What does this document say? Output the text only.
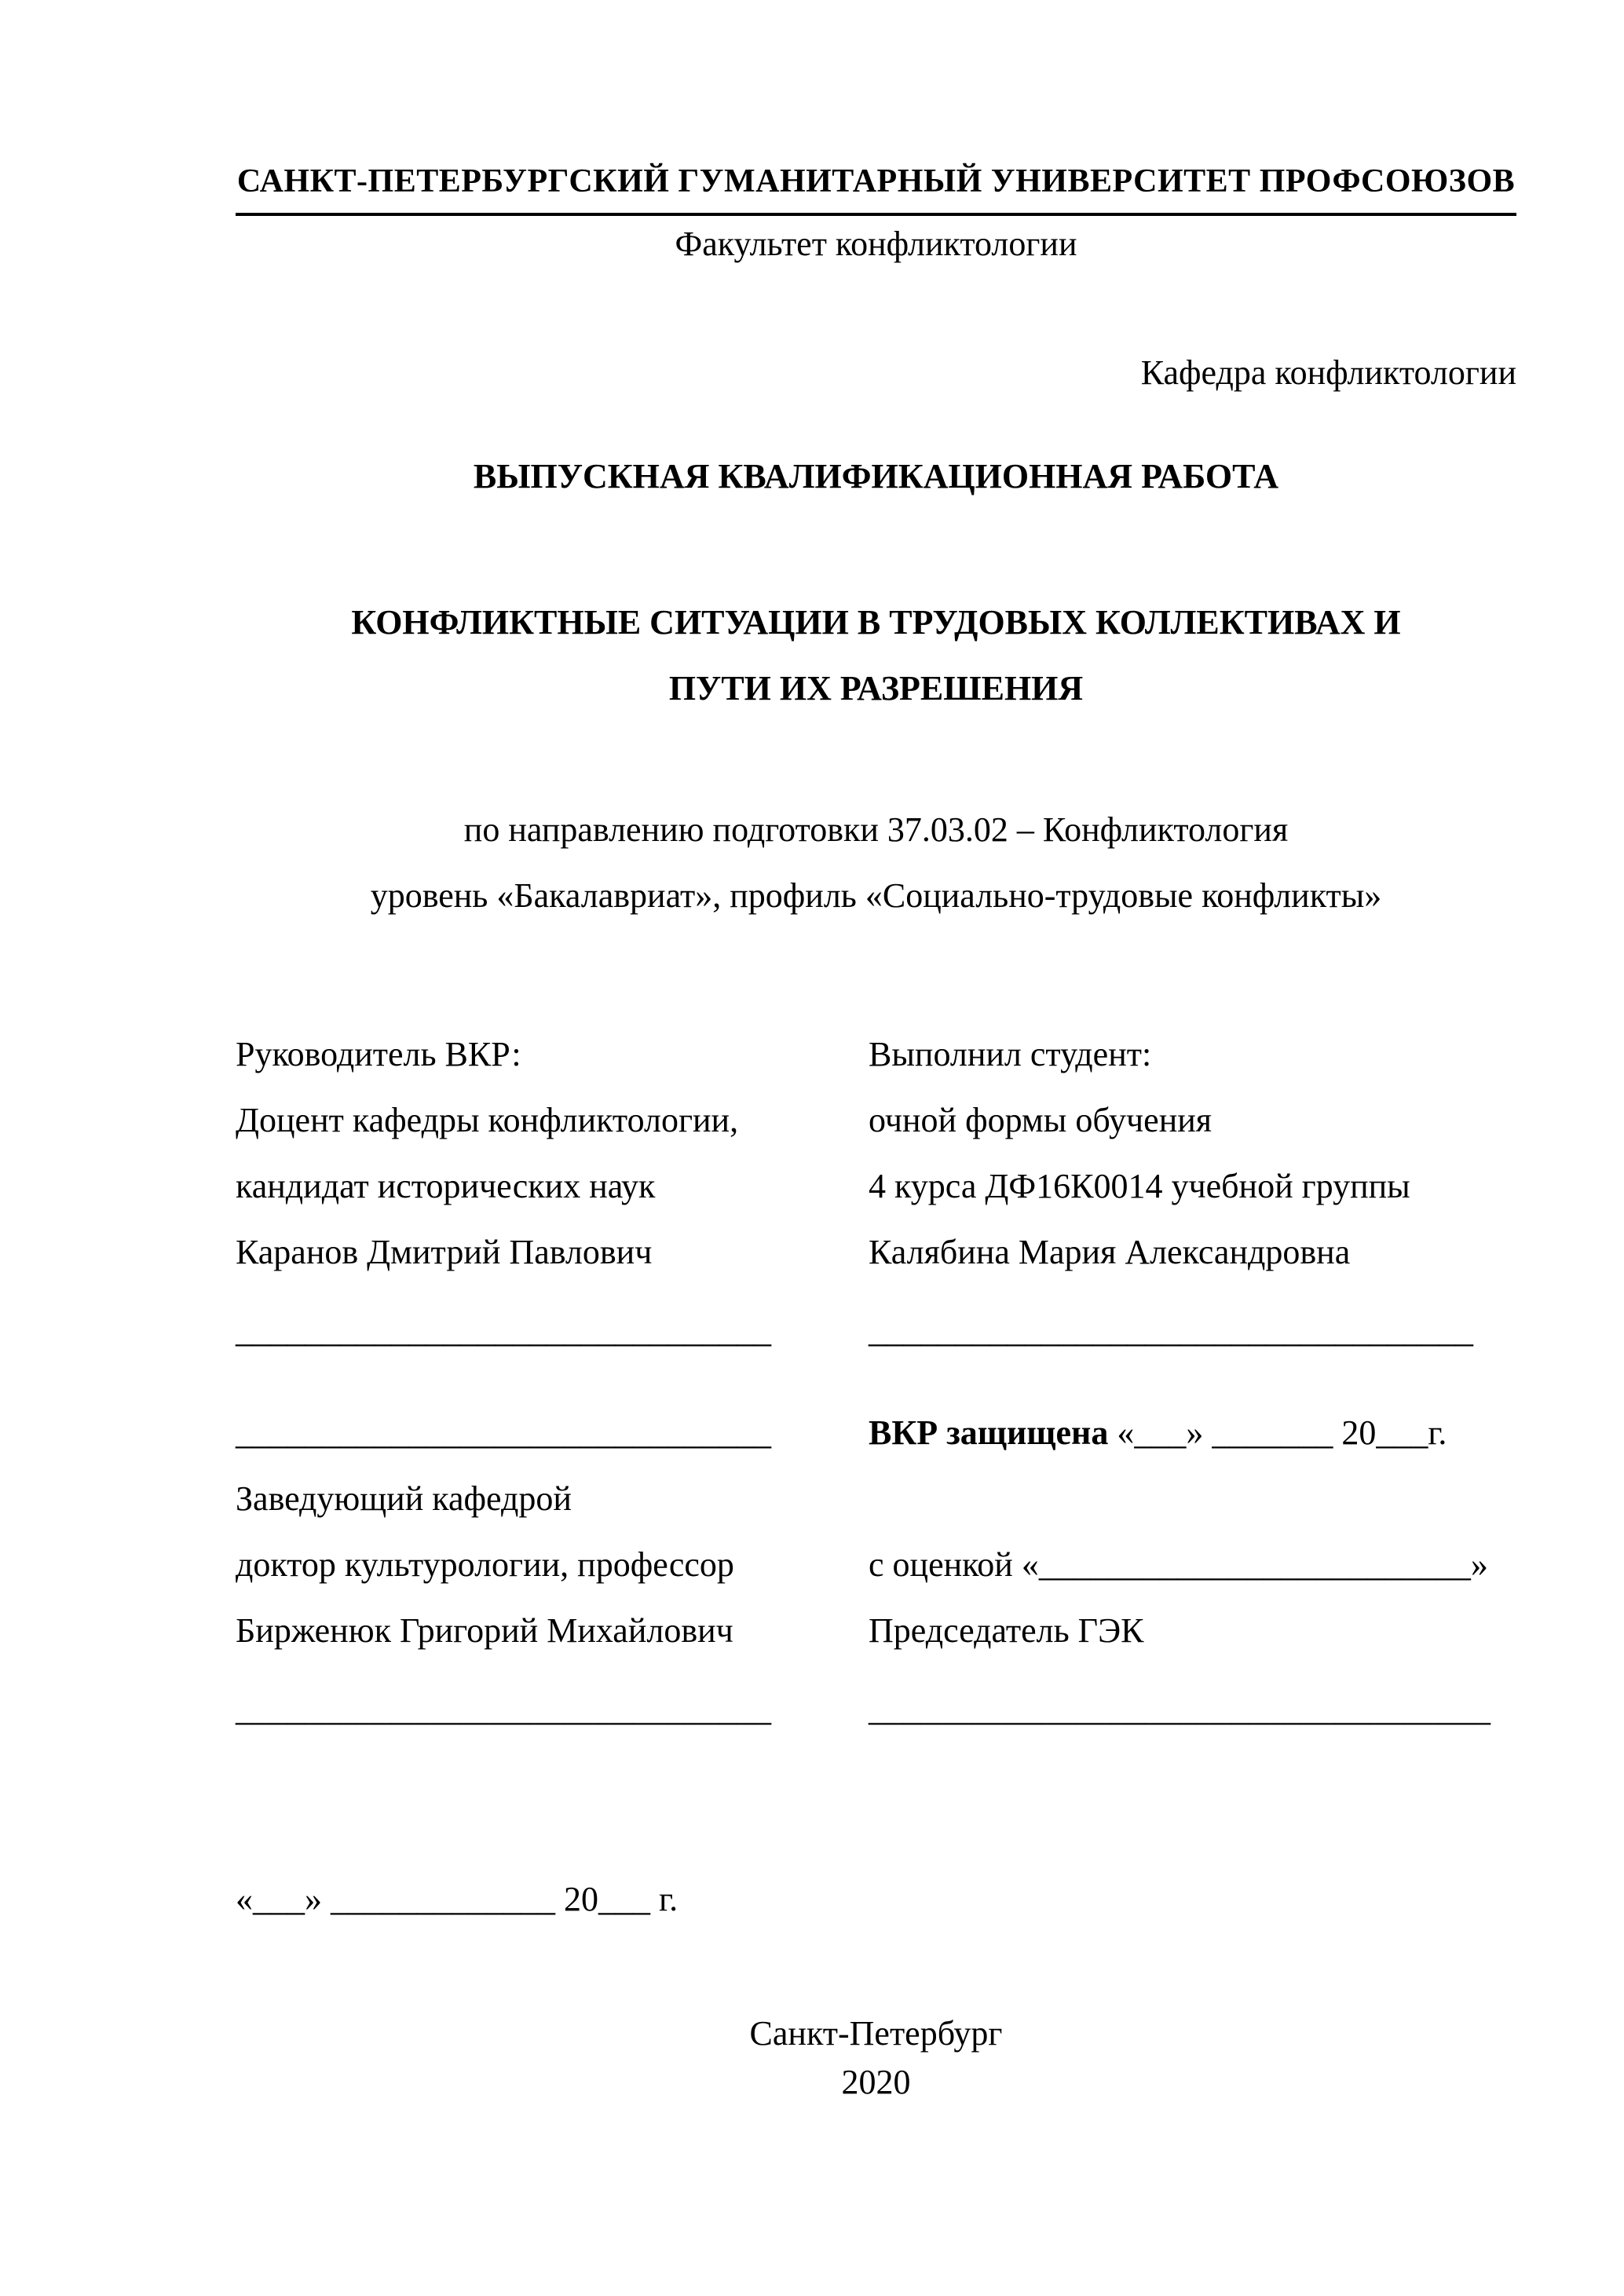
САНКТ-ПЕТЕРБУРГСКИЙ ГУМАНИТАРНЫЙ УНИВЕРСИТЕТ ПРОФСОЮЗОВ
Факультет конфликтологии
Кафедра конфликтологии
ВЫПУСКНАЯ КВАЛИФИКАЦИОННАЯ РАБОТА
КОНФЛИКТНЫЕ СИТУАЦИИ В ТРУДОВЫХ КОЛЛЕКТИВАХ И
ПУТИ ИХ РАЗРЕШЕНИЯ
по направлению подготовки 37.03.02 – Конфликтология
уровень «Бакалавриат», профиль «Социально-трудовые конфликты»
Руководитель ВКР:
Доцент кафедры конфликтологии,
кандидат исторических наук
Каранов Дмитрий Павлович
_______________________________
Выполнил студент:
очной формы обучения
4 курса ДФ16К0014 учебной группы
Калябина Мария Александровна
___________________________________
_______________________________
Заведующий кафедрой
доктор культурологии, профессор
Бирженюк Григорий Михайлович
_______________________________
ВКР защищена «___» _______ 20___г.
с оценкой «_________________________»
Председатель ГЭК
____________________________________
«___» _____________ 20___ г.
Санкт-Петербург
2020
